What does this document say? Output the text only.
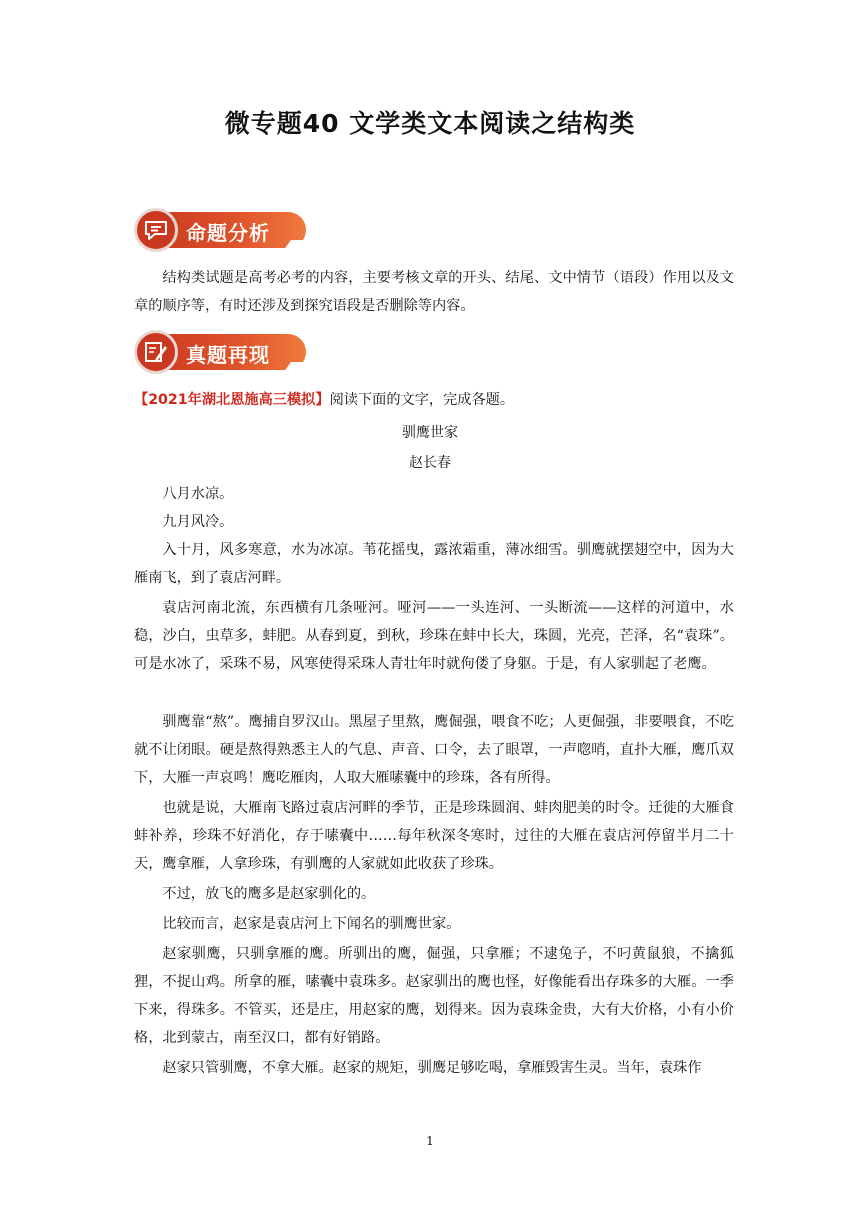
微专题40 文学类文本阅读之结构类
命题分析

结构类试题是高考必考的内容，主要考核文章的开头、结尾、文中情节（语段）作用以及文章的顺序等，有时还涉及到探究语段是否删除等内容。

真题再现

【2021年湖北恩施高三模拟】阅读下面的文字，完成各题。

驯鹰世家
赵长春

八月水凉。

九月风冷。

入十月，风多寒意，水为冰凉。苇花摇曳，露浓霜重，薄冰细雪。驯鹰就摆翅空中，因为大雁南飞，到了袁店河畔。

袁店河南北流，东西横有几条哑河。哑河——一头连河、一头断流——这样的河道中，水稳，沙白，虫草多，蚌肥。从春到夏，到秋，珍珠在蚌中长大，珠圆，光亮，芒泽，名“袁珠”。可是水冰了，采珠不易，风寒使得采珠人青壮年时就佝偻了身躯。于是，有人家驯起了老鹰。

驯鹰靠“熬”。鹰捕自罗汉山。黑屋子里熬，鹰倔强，喂食不吃；人更倔强，非要喂食，不吃就不让闭眼。硬是熬得熟悉主人的气息、声音、口令，去了眼罩，一声唿哨，直扑大雁，鹰爪双下，大雁一声哀鸣！鹰吃雁肉，人取大雁嗉囊中的珍珠，各有所得。

也就是说，大雁南飞路过袁店河畔的季节，正是珍珠圆润、蚌肉肥美的时令。迁徙的大雁食蚌补养，珍珠不好消化，存于嗉囊中……每年秋深冬寒时，过往的大雁在袁店河停留半月二十天，鹰拿雁，人拿珍珠，有驯鹰的人家就如此收获了珍珠。

不过，放飞的鹰多是赵家驯化的。

比较而言，赵家是袁店河上下闻名的驯鹰世家。

赵家驯鹰，只驯拿雁的鹰。所驯出的鹰，倔强，只拿雁；不逮兔子，不叼黄鼠狼，不擒狐狸，不捉山鸡。所拿的雁，嗉囊中袁珠多。赵家驯出的鹰也怪，好像能看出存珠多的大雁。一季下来，得珠多。不管买，还是庄，用赵家的鹰，划得来。因为袁珠金贵，大有大价格，小有小价格，北到蒙古，南至汉口，都有好销路。

赵家只管驯鹰，不拿大雁。赵家的规矩，驯鹰足够吃喝，拿雁毁害生灵。当年，袁珠作

1
